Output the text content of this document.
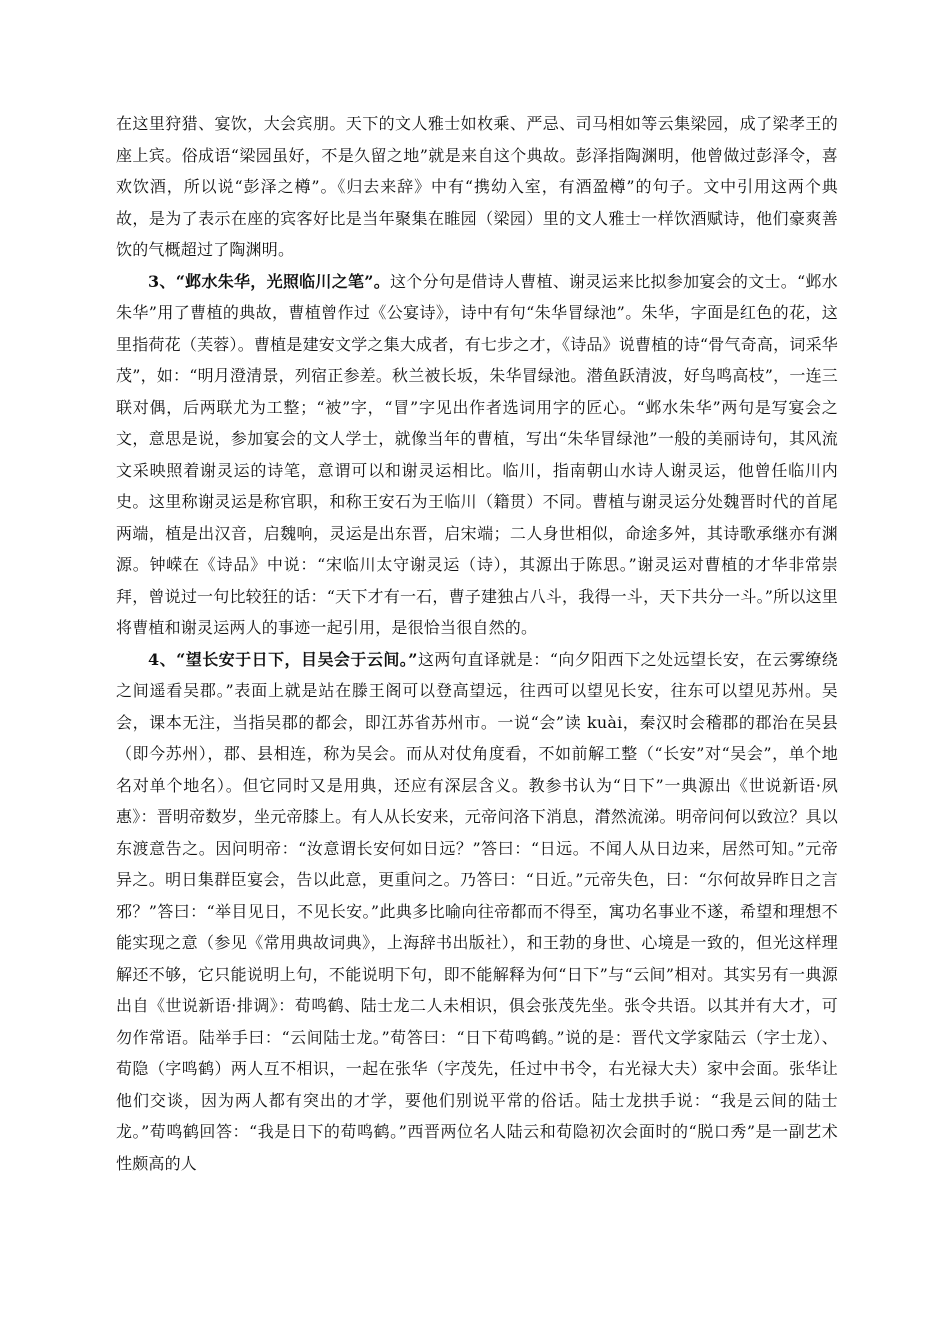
在这里狩猎、宴饮，大会宾朋。天下的文人雅士如枚乘、严忌、司马相如等云集梁园，成了梁孝王的座上宾。俗成语“梁园虽好，不是久留之地”就是来自这个典故。彭泽指陶渊明，他曾做过彭泽令，喜欢饮酒，所以说“彭泽之樽”。《归去来辞》中有“携幼入室，有酒盈樽”的句子。文中引用这两个典故，是为了表示在座的宾客好比是当年聚集在睢园（梁园）里的文人雅士一样饮酒赋诗，他们豪爽善饮的气概超过了陶渊明。

3、“邺水朱华，光照临川之笔”。这个分句是借诗人曹植、谢灵运来比拟参加宴会的文士。“邺水朱华”用了曹植的典故，曹植曾作过《公宴诗》，诗中有句“朱华冒绿池”。朱华，字面是红色的花，这里指荷花（芙蓉）。曹植是建安文学之集大成者，有七步之才，《诗品》说曹植的诗“骨气奇高，词采华茂”，如：“明月澄清景，列宿正参差。秋兰被长坂，朱华冒绿池。潜鱼跃清波，好鸟鸣高枝”，一连三联对偶，后两联尤为工整；“被”字，“冒”字见出作者选词用字的匠心。“邺水朱华”两句是写宴会之文，意思是说，参加宴会的文人学士，就像当年的曹植，写出“朱华冒绿池”一般的美丽诗句，其风流文采映照着谢灵运的诗笔，意谓可以和谢灵运相比。临川，指南朝山水诗人谢灵运，他曾任临川内史。这里称谢灵运是称官职，和称王安石为王临川（籍贯）不同。曹植与谢灵运分处魏晋时代的首尾两端，植是出汉音，启魏响，灵运是出东晋，启宋端；二人身世相似，命途多舛，其诗歌承继亦有渊源。钟嵘在《诗品》中说：“宋临川太守谢灵运（诗），其源出于陈思。”谢灵运对曹植的才华非常崇拜，曾说过一句比较狂的话：“天下才有一石，曹子建独占八斗，我得一斗，天下共分一斗。”所以这里将曹植和谢灵运两人的事迹一起引用，是很恰当很自然的。

4、“望长安于日下，目吴会于云间。”这两句直译就是：“向夕阳西下之处远望长安，在云雾缭绕之间遥看吴郡。”表面上就是站在滕王阁可以登高望远，往西可以望见长安，往东可以望见苏州。吴会，课本无注，当指吴郡的都会，即江苏省苏州市。一说“会”读 kuài，秦汉时会稽郡的郡治在吴县（即今苏州），郡、县相连，称为吴会。而从对仗角度看，不如前解工整（“长安”对“吴会”，单个地名对单个地名）。但它同时又是用典，还应有深层含义。教参书认为“日下”一典源出《世说新语·夙惠》：晋明帝数岁，坐元帝膝上。有人从长安来，元帝问洛下消息，潸然流涕。明帝问何以致泣？具以东渡意告之。因问明帝：“汝意谓长安何如日远？”答曰：“日远。不闻人从日边来，居然可知。”元帝异之。明日集群臣宴会，告以此意，更重问之。乃答曰：“日近。”元帝失色，曰：“尔何故异昨日之言邪？”答曰：“举目见日，不见长安。”此典多比喻向往帝都而不得至，寓功名事业不遂，希望和理想不能实现之意（参见《常用典故词典》，上海辞书出版社），和王勃的身世、心境是一致的，但光这样理解还不够，它只能说明上句，不能说明下句，即不能解释为何“日下”与“云间”相对。其实另有一典源出自《世说新语·排调》：荀鸣鹤、陆士龙二人未相识，俱会张茂先坐。张令共语。以其并有大才，可勿作常语。陆举手曰：“云间陆士龙。”荀答曰：“日下荀鸣鹤。”说的是：晋代文学家陆云（字士龙）、荀隐（字鸣鹤）两人互不相识，一起在张华（字茂先，任过中书令，右光禄大夫）家中会面。张华让他们交谈，因为两人都有突出的才学，要他们别说平常的俗话。陆士龙拱手说：“我是云间的陆士龙。”荀鸣鹤回答：“我是日下的荀鸣鹤。”西晋两位名人陆云和荀隐初次会面时的“脱口秀”是一副艺术性颇高的人
